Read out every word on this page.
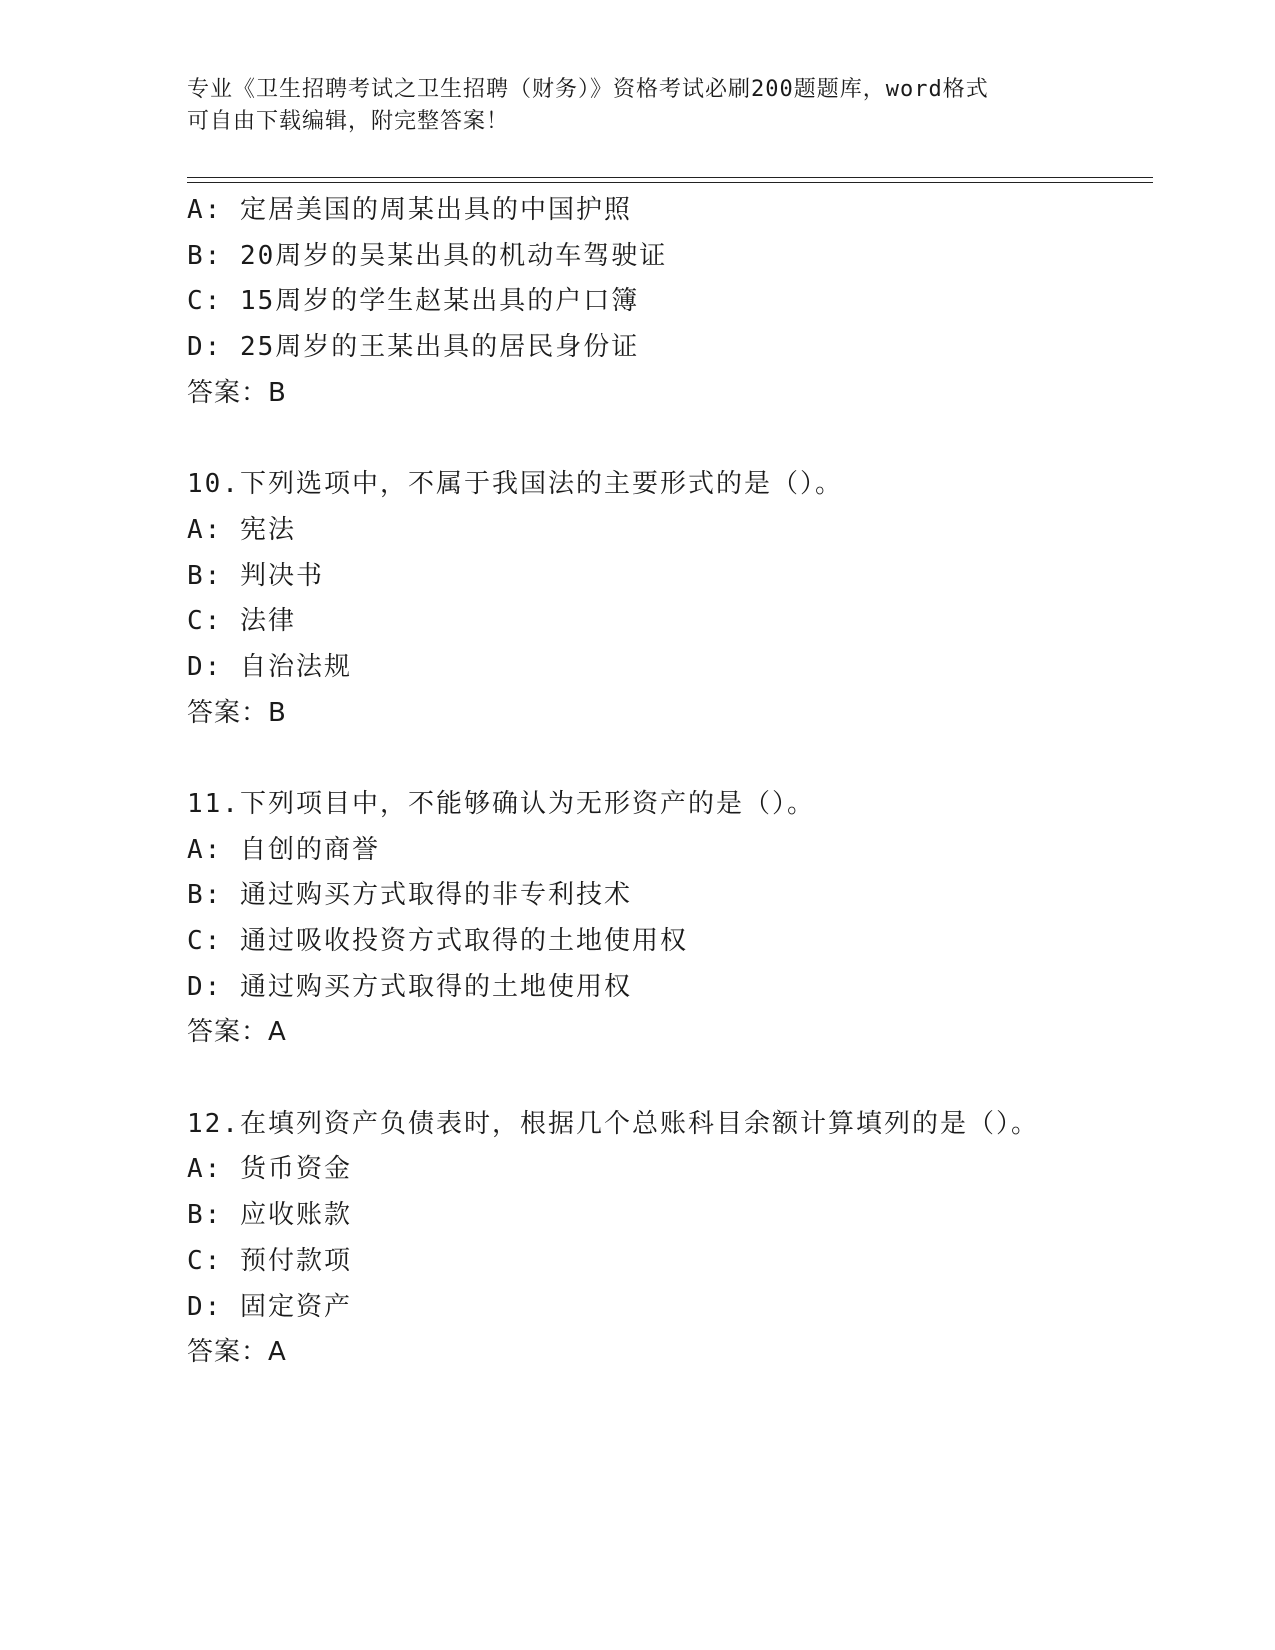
专业《卫生招聘考试之卫生招聘（财务）》资格考试必刷200题题库，word格式
可自由下载编辑，附完整答案！
A: 定居美国的周某出具的中国护照
B: 20周岁的吴某出具的机动车驾驶证
C: 15周岁的学生赵某出具的户口簿
D: 25周岁的王某出具的居民身份证
答案：B
10.下列选项中，不属于我国法的主要形式的是（）。
A: 宪法
B: 判决书
C: 法律
D: 自治法规
答案：B
11.下列项目中，不能够确认为无形资产的是（）。
A: 自创的商誉
B: 通过购买方式取得的非专利技术
C: 通过吸收投资方式取得的土地使用权
D: 通过购买方式取得的土地使用权
答案：A
12.在填列资产负债表时，根据几个总账科目余额计算填列的是（）。
A: 货币资金
B: 应收账款
C: 预付款项
D: 固定资产
答案：A
